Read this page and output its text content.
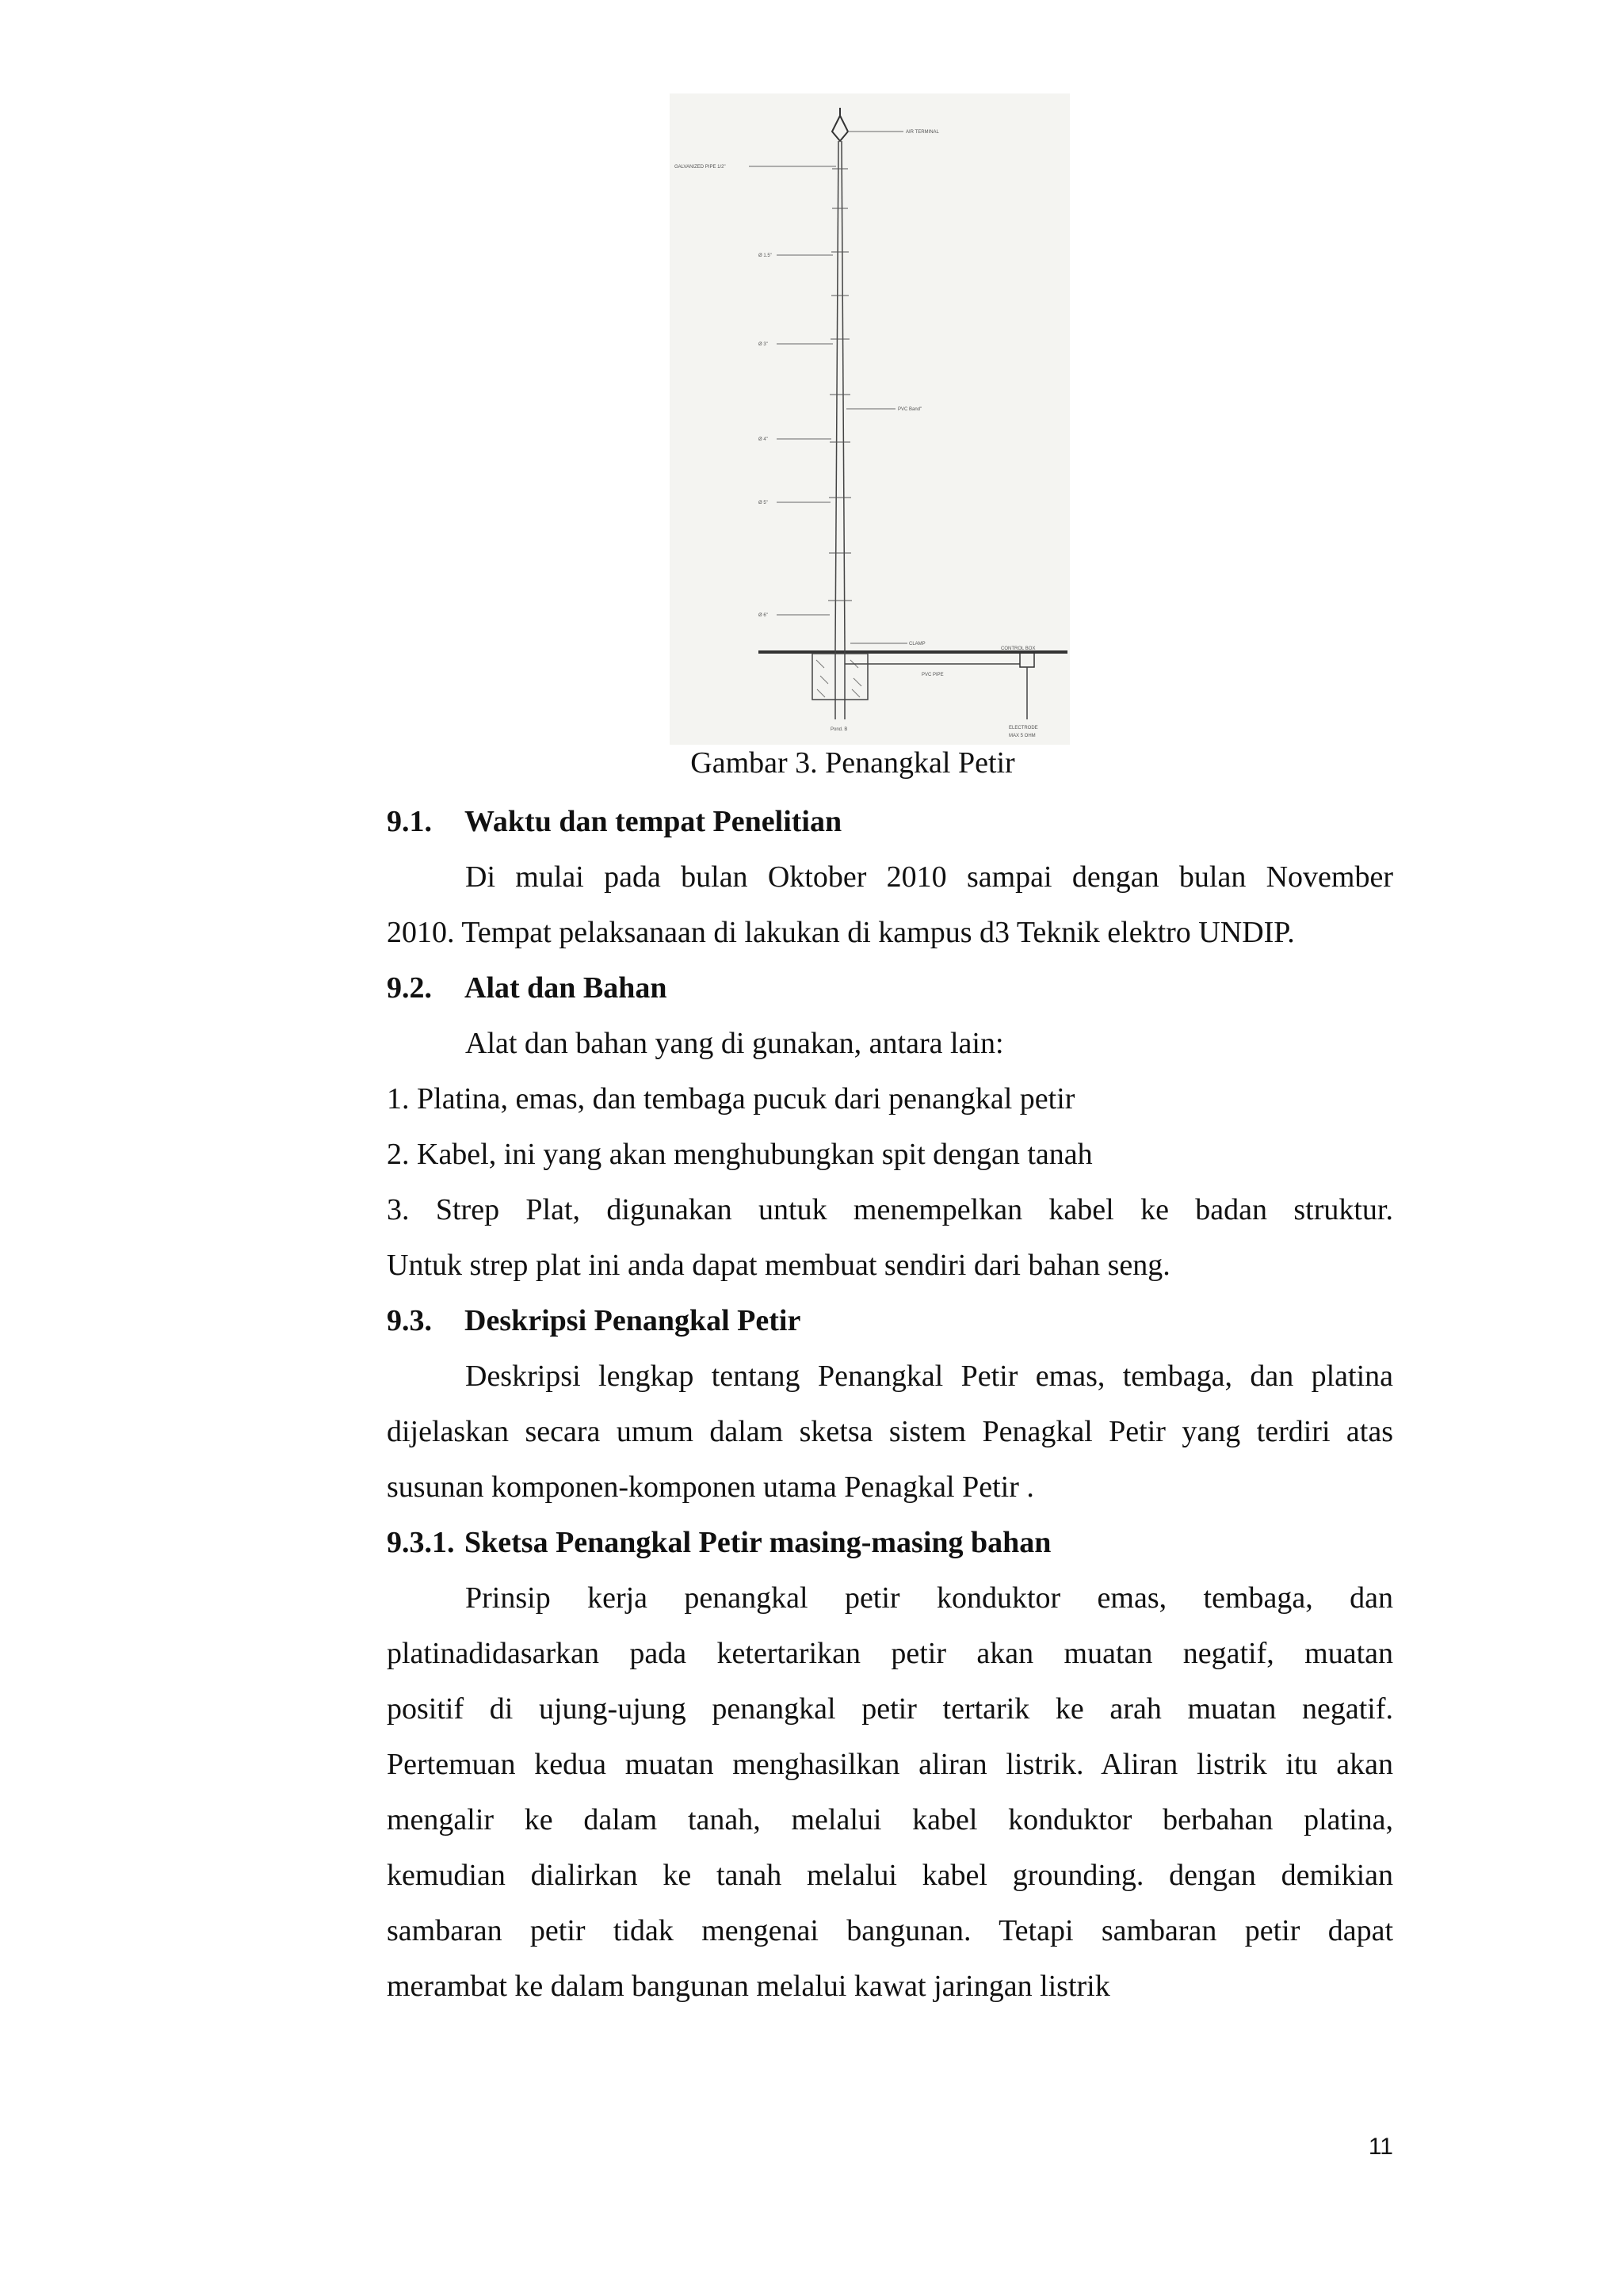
AIR TERMINAL
GALVANIZED PIPE 1/2"
Ø 1.5"
Ø 3"
PVC Band"
Ø 4"
Ø 5"
Ø 6"
CLAMP
Pond. B
PVC PIPE
CONTROL BOX
ELECTRODE
MAX 5 OHM
Gambar 3. Penangkal Petir
9.1. Waktu dan tempat Penelitian
Di mulai pada bulan Oktober 2010 sampai dengan bulan November
2010. Tempat pelaksanaan di lakukan di kampus d3 Teknik elektro UNDIP.
9.2. Alat dan Bahan
Alat dan bahan yang di gunakan, antara lain:
1. Platina, emas, dan tembaga pucuk dari penangkal petir
2. Kabel, ini yang akan menghubungkan spit dengan tanah
3. Strep Plat, digunakan untuk menempelkan kabel ke badan struktur.
Untuk strep plat ini anda dapat membuat sendiri dari bahan seng.
9.3. Deskripsi Penangkal Petir
Deskripsi lengkap tentang Penangkal Petir emas, tembaga, dan platina
dijelaskan secara umum dalam sketsa sistem Penagkal Petir yang terdiri atas
susunan komponen-komponen utama Penagkal Petir .
9.3.1. Sketsa Penangkal Petir masing-masing bahan
Prinsip kerja penangkal petir konduktor emas, tembaga, dan
platinadidasarkan pada ketertarikan petir akan muatan negatif, muatan
positif di ujung-ujung penangkal petir tertarik ke arah muatan negatif.
Pertemuan kedua muatan menghasilkan aliran listrik. Aliran listrik itu akan
mengalir ke dalam tanah, melalui kabel konduktor berbahan platina,
kemudian dialirkan ke tanah melalui kabel grounding. dengan demikian
sambaran petir tidak mengenai bangunan. Tetapi sambaran petir dapat
merambat ke dalam bangunan melalui kawat jaringan listrik
11
